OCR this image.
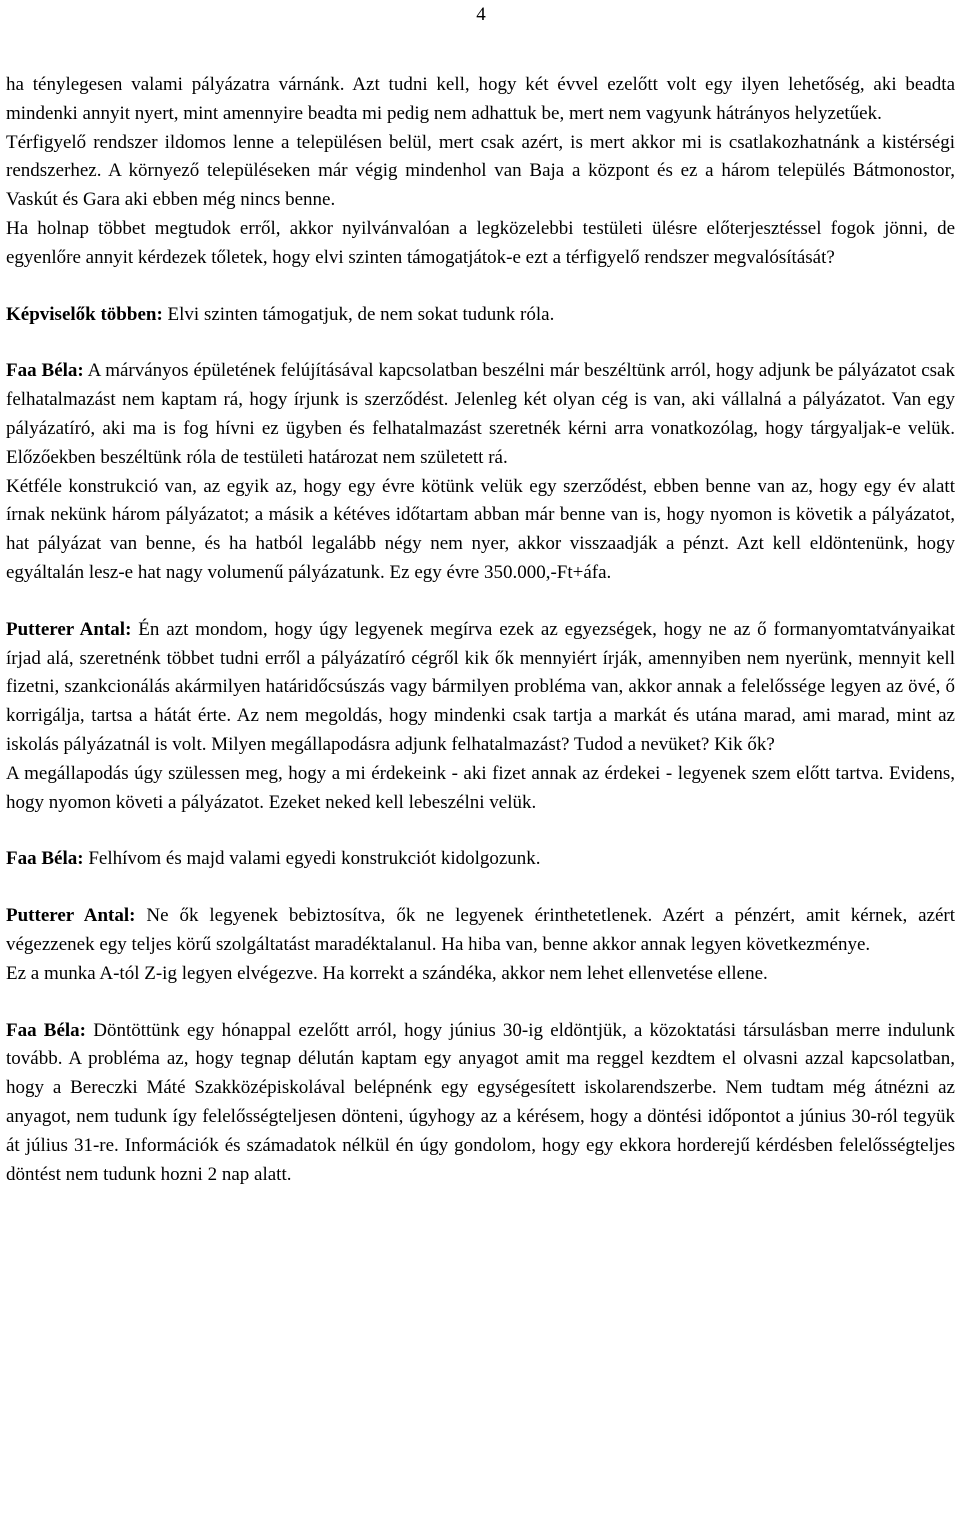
4

ha ténylegesen valami pályázatra várnánk. Azt tudni kell, hogy két évvel ezelőtt volt egy ilyen lehetőség, aki beadta mindenki annyit nyert, mint amennyire beadta mi pedig nem adhattuk be, mert nem vagyunk hátrányos helyzetűek.

Térfigyelő rendszer ildomos lenne a településen belül, mert csak azért, is mert akkor mi is csatlakozhatnánk a kistérségi rendszerhez. A környező településeken már végig mindenhol van Baja a központ és ez a három település Bátmonostor, Vaskút és Gara aki ebben még nincs benne.

Ha holnap többet megtudok erről, akkor nyilvánvalóan a legközelebbi testületi ülésre előterjesztéssel fogok jönni, de egyenlőre annyit kérdezek tőletek, hogy elvi szinten támogatjátok-e ezt a térfigyelő rendszer megvalósítását?

Képviselők többen: Elvi szinten támogatjuk, de nem sokat tudunk róla.

Faa Béla: A márványos épületének felújításával kapcsolatban beszélni már beszéltünk arról, hogy adjunk be pályázatot csak felhatalmazást nem kaptam rá, hogy írjunk is szerződést. Jelenleg két olyan cég is van, aki vállalná a pályázatot. Van egy pályázatíró, aki ma is fog hívni ez ügyben és felhatalmazást szeretnék kérni arra vonatkozólag, hogy tárgyaljak-e velük. Előzőekben beszéltünk róla de testületi határozat nem született rá.

Kétféle konstrukció van, az egyik az, hogy egy évre kötünk velük egy szerződést, ebben benne van az, hogy egy év alatt írnak nekünk három pályázatot; a másik a kétéves időtartam abban már benne van is, hogy nyomon is követik a pályázatot, hat pályázat van benne, és ha hatból legalább négy nem nyer, akkor visszaadják a pénzt. Azt kell eldöntenünk, hogy egyáltalán lesz-e hat nagy volumenű pályázatunk. Ez egy évre 350.000,-Ft+áfa.

Putterer Antal: Én azt mondom, hogy úgy legyenek megírva ezek az egyezségek, hogy ne az ő formanyomtatványaikat írjad alá, szeretnénk többet tudni erről a pályázatíró cégről kik ők mennyiért írják, amennyiben nem nyerünk, mennyit kell fizetni, szankcionálás akármilyen határidőcsúszás vagy bármilyen probléma van, akkor annak a felelőssége legyen az övé, ő korrigálja, tartsa a hátát érte. Az nem megoldás, hogy mindenki csak tartja a markát és utána marad, ami marad, mint az iskolás pályázatnál is volt. Milyen megállapodásra adjunk felhatalmazást? Tudod a nevüket? Kik ők?

A megállapodás úgy szülessen meg, hogy a mi érdekeink - aki fizet annak az érdekei - legyenek szem előtt tartva. Evidens, hogy nyomon követi a pályázatot. Ezeket neked kell lebeszélni velük.

Faa Béla: Felhívom és majd valami egyedi konstrukciót kidolgozunk.

Putterer Antal: Ne ők legyenek bebiztosítva, ők ne legyenek érinthetetlenek. Azért a pénzért, amit kérnek, azért végezzenek egy teljes körű szolgáltatást maradéktalanul. Ha hiba van, benne akkor annak legyen következménye.

Ez a munka A-tól Z-ig legyen elvégezve. Ha korrekt a szándéka, akkor nem lehet ellenvetése ellene.

Faa Béla: Döntöttünk egy hónappal ezelőtt arról, hogy június 30-ig eldöntjük, a közoktatási társulásban merre indulunk tovább. A probléma az, hogy tegnap délután kaptam egy anyagot amit ma reggel kezdtem el olvasni azzal kapcsolatban, hogy a Bereczki Máté Szakközépiskolával belépnénk egy egységesített iskolarendszerbe. Nem tudtam még átnézni az anyagot, nem tudunk így felelősségteljesen dönteni, úgyhogy az a kérésem, hogy a döntési időpontot a június 30-ról tegyük át július 31-re. Információk és számadatok nélkül én úgy gondolom, hogy egy ekkora horderejű kérdésben felelősségteljes döntést nem tudunk hozni 2 nap alatt.
